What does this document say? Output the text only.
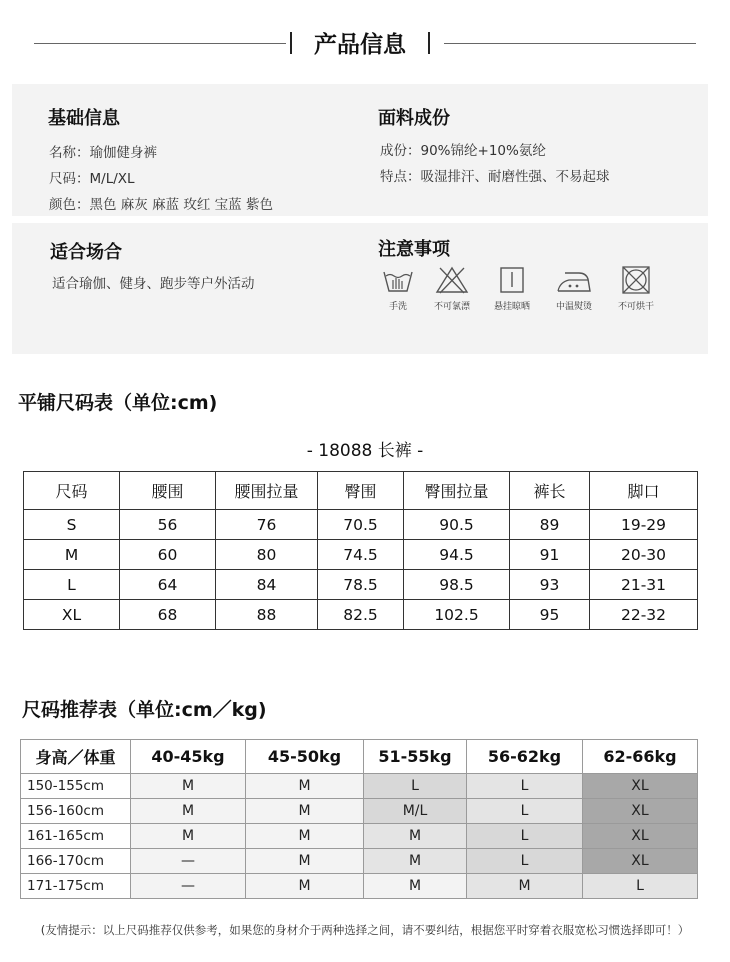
产品信息
基础信息
名称：瑜伽健身裤
尺码：M/L/XL
颜色：黑色 麻灰 麻蓝 玫红 宝蓝 紫色
面料成份
成份：90%锦纶+10%氨纶
特点：吸湿排汗、耐磨性强、不易起球
适合场合
适合瑜伽、健身、跑步等户外活动
注意事项
手洗	不可氯漂	悬挂晾晒	中温熨烫	不可烘干
平铺尺码表（单位:cm)
- 18088 长裤 -
尺码	腰围	腰围拉量	臀围	臀围拉量	裤长	脚口
S	56	76	70.5	90.5	89	19-29
M	60	80	74.5	94.5	91	20-30
L	64	84	78.5	98.5	93	21-31
XL	68	88	82.5	102.5	95	22-32
尺码推荐表（单位:cm／kg)
身高／体重	40-45kg	45-50kg	51-55kg	56-62kg	62-66kg
150-155cm	M	M	L	L	XL
156-160cm	M	M	M/L	L	XL
161-165cm	M	M	M	L	XL
166-170cm	—	M	M	L	XL
171-175cm	—	M	M	M	L
(友情提示：以上尺码推荐仅供参考，如果您的身材介于两种选择之间，请不要纠结，根据您平时穿着衣服宽松习惯选择即可！）
